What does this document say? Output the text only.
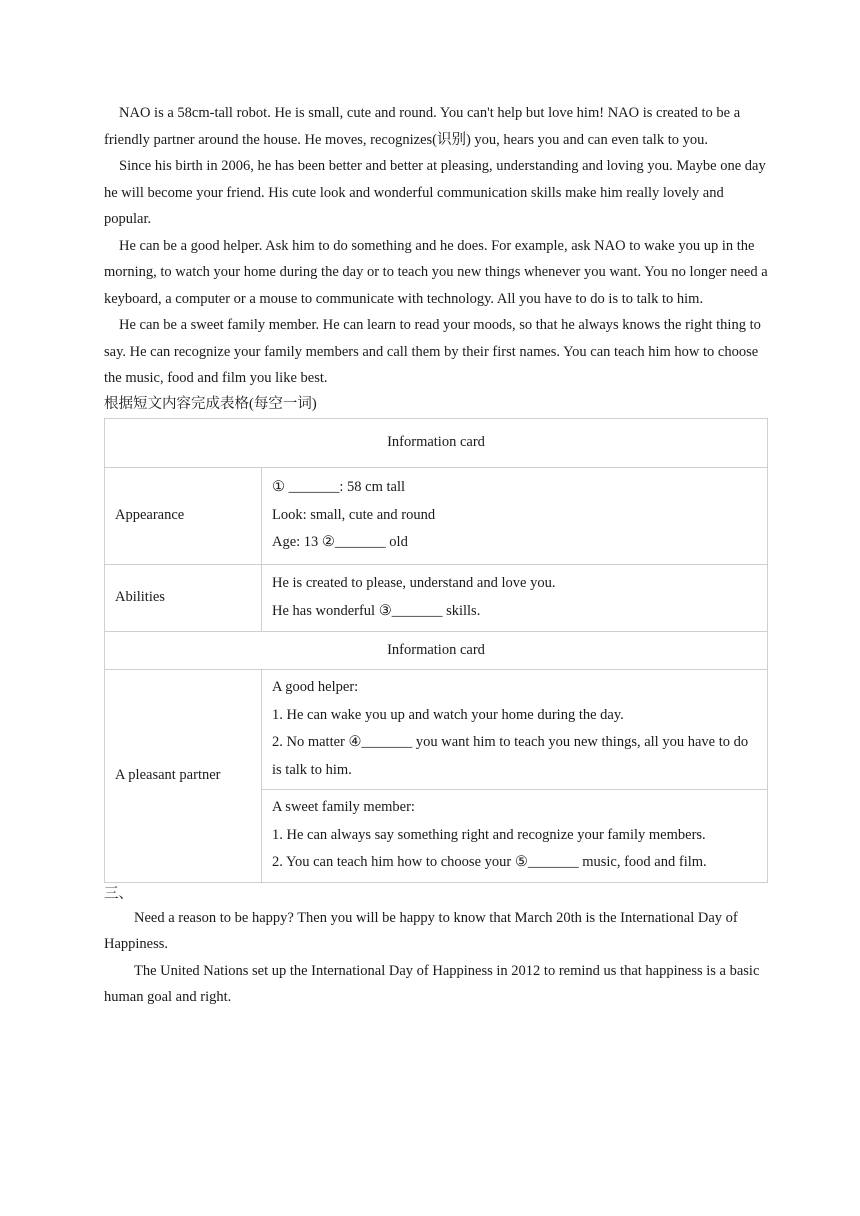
NAO is a 58cm-tall robot. He is small, cute and round. You can't help but love him! NAO is created to be a friendly partner around the house. He moves, recognizes(识别) you, hears you and can even talk to you.

Since his birth in 2006, he has been better and better at pleasing, understanding and loving you. Maybe one day he will become your friend. His cute look and wonderful communication skills make him really lovely and popular.

He can be a good helper. Ask him to do something and he does. For example, ask NAO to wake you up in the morning, to watch your home during the day or to teach you new things whenever you want. You no longer need a keyboard, a computer or a mouse to communicate with technology. All you have to do is to talk to him.

He can be a sweet family member. He can learn to read your moods, so that he always knows the right thing to say. He can recognize your family members and call them by their first names. You can teach him how to choose the music, food and film you like best.

根据短文内容完成表格(每空一词)

Information card	
Appearance	① _______: 58 cm tall
Look: small, cute and round
Age: 13 ②_______ old

Abilities	He is created to please, understand and love you.
He has wonderful ③_______ skills.

Information card	
A pleasant partner	A good helper:
1. He can wake you up and watch your home during the day.
2. No matter ④_______ you want him to teach you new things, all you have to do is talk to him.

	A sweet family member:
1. He can always say something right and recognize your family members.
2. You can teach him how to choose your ⑤_______ music, food and film.

三、

Need a reason to be happy? Then you will be happy to know that March 20th is the International Day of Happiness.

The United Nations set up the International Day of Happiness in 2012 to remind us that happiness is a basic human goal and right.
